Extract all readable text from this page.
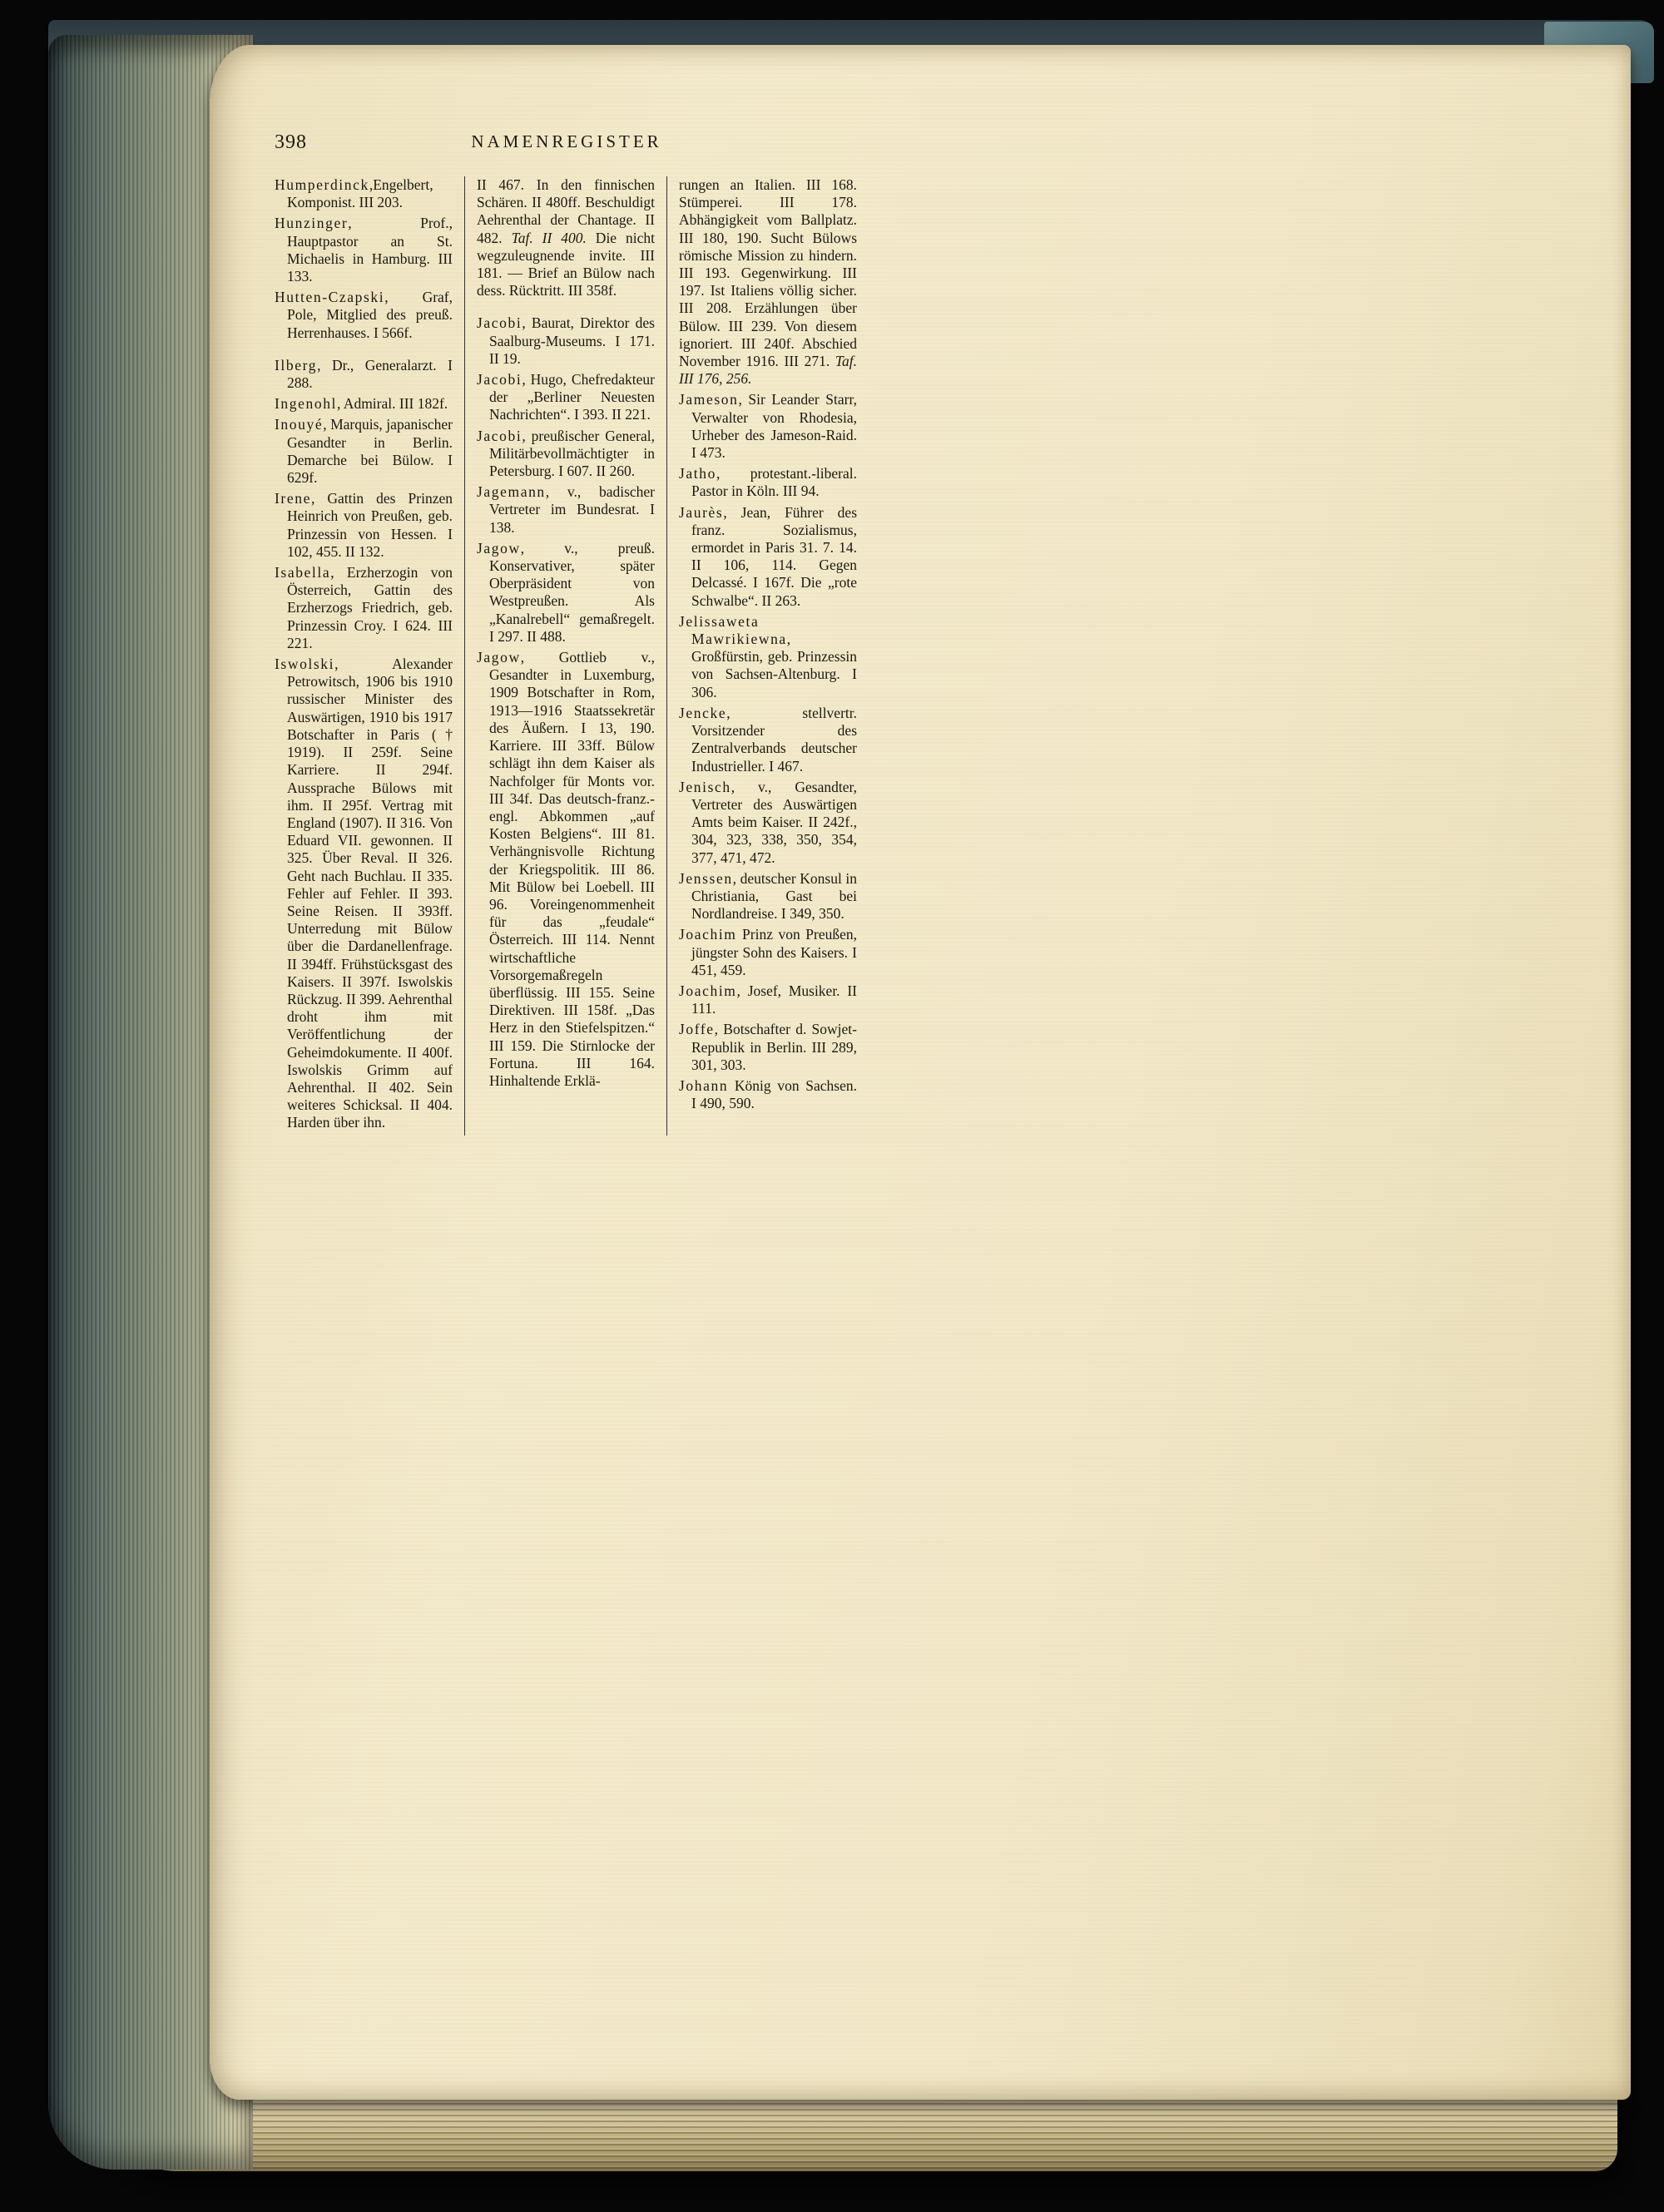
398	NAMENREGISTER

Humperdinck,Engelbert, Komponist. III 203.

Hunzinger, Prof., Hauptpastor an St. Michaelis in Hamburg. III 133.

Hutten-Czapski, Graf, Pole, Mitglied des preuß. Herrenhauses. I 566f.

Ilberg, Dr., Generalarzt. I 288.

Ingenohl, Admiral. III 182f.

Inouyé, Marquis, japanischer Gesandter in Berlin. Demarche bei Bülow. I 629f.

Irene, Gattin des Prinzen Heinrich von Preußen, geb. Prinzessin von Hessen. I 102, 455. II 132.

Isabella, Erzherzogin von Österreich, Gattin des Erzherzogs Friedrich, geb. Prinzessin Croy. I 624. III 221.

Iswolski, Alexander Petrowitsch, 1906 bis 1910 russischer Minister des Auswärtigen, 1910 bis 1917 Botschafter in Paris († 1919). II 259f. Seine Karriere. II 294f. Aussprache Bülows mit ihm. II 295f. Vertrag mit England (1907). II 316. Von Eduard VII. gewonnen. II 325. Über Reval. II 326. Geht nach Buchlau. II 335. Fehler auf Fehler. II 393. Seine Reisen. II 393ff. Unterredung mit Bülow über die Dardanellenfrage. II 394ff. Frühstücksgast des Kaisers. II 397f. Iswolskis Rückzug. II 399. Aehrenthal droht ihm mit Veröffentlichung der Geheimdokumente. II 400f. Iswolskis Grimm auf Aehrenthal. II 402. Sein weiteres Schicksal. II 404. Harden über ihn.

II 467. In den finnischen Schären. II 480ff. Beschuldigt Aehrenthal der Chantage. II 482. Taf. II 400. Die nicht wegzuleugnende invite. III 181. — Brief an Bülow nach dess. Rücktritt. III 358f.

Jacobi, Baurat, Direktor des Saalburg-Museums. I 171. II 19.

Jacobi, Hugo, Chefredakteur der „Berliner Neuesten Nachrichten“. I 393. II 221.

Jacobi, preußischer General, Militärbevollmächtigter in Petersburg. I 607. II 260.

Jagemann, v., badischer Vertreter im Bundesrat. I 138.

Jagow, v., preuß. Konservativer, später Oberpräsident von Westpreußen. Als „Kanalrebell“ gemaßregelt. I 297. II 488.

Jagow, Gottlieb v., Gesandter in Luxemburg, 1909 Botschafter in Rom, 1913—1916 Staatssekretär des Äußern. I 13, 190. Karriere. III 33ff. Bülow schlägt ihn dem Kaiser als Nachfolger für Monts vor. III 34f. Das deutsch-franz.-engl. Abkommen „auf Kosten Belgiens“. III 81. Verhängnisvolle Richtung der Kriegspolitik. III 86. Mit Bülow bei Loebell. III 96. Voreingenommenheit für das „feudale“ Österreich. III 114. Nennt wirtschaftliche Vorsorgemaßregeln überflüssig. III 155. Seine Direktiven. III 158f. „Das Herz in den Stiefelspitzen.“ III 159. Die Stirnlocke der Fortuna. III 164. Hinhaltende Erklä-

rungen an Italien. III 168. Stümperei. III 178. Abhängigkeit vom Ballplatz. III 180, 190. Sucht Bülows römische Mission zu hindern. III 193. Gegenwirkung. III 197. Ist Italiens völlig sicher. III 208. Erzählungen über Bülow. III 239. Von diesem ignoriert. III 240f. Abschied November 1916. III 271. Taf. III 176, 256.

Jameson, Sir Leander Starr, Verwalter von Rhodesia, Urheber des Jameson-Raid. I 473.

Jatho, protestant.-liberal. Pastor in Köln. III 94.

Jaurès, Jean, Führer des franz. Sozialismus, ermordet in Paris 31. 7. 14. II 106, 114. Gegen Delcassé. I 167f. Die „rote Schwalbe“. II 263.

Jelissaweta Mawrikiewna, Großfürstin, geb. Prinzessin von Sachsen-Altenburg. I 306.

Jencke, stellvertr. Vorsitzender des Zentralverbands deutscher Industrieller. I 467.

Jenisch, v., Gesandter, Vertreter des Auswärtigen Amts beim Kaiser. II 242f., 304, 323, 338, 350, 354, 377, 471, 472.

Jenssen, deutscher Konsul in Christiania, Gast bei Nordlandreise. I 349, 350.

Joachim Prinz von Preußen, jüngster Sohn des Kaisers. I 451, 459.

Joachim, Josef, Musiker. II 111.

Joffe, Botschafter d. Sowjet-Republik in Berlin. III 289, 301, 303.

Johann König von Sachsen. I 490, 590.
